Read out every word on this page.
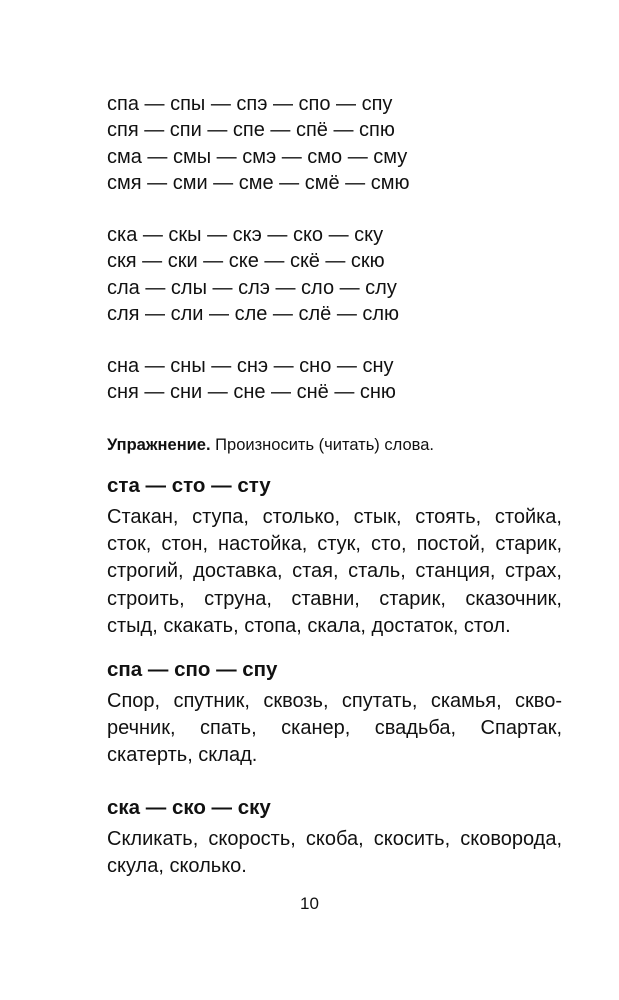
спа — спы — спэ — спо — спу
спя — спи — спе — спё — спю
сма — смы — смэ — смо — сму
смя — сми — сме — смё — смю
ска — скы — скэ — ско — ску
скя — ски — ске — скё — скю
сла — слы — слэ — сло — слу
сля — сли — сле — слё — слю
сна — сны — снэ — сно — сну
сня — сни — сне — снё — сню
Упражнение. Произносить (читать) слова.
ста — сто — сту

Стакан, ступа, столько, стык, стоять, стойка, сток, стон, настойка, стук, сто, постой, старик, строгий, доставка, стая, сталь, станция, страх, строить, струна, ставни, старик, сказочник, стыд, скакать, стопа, скала, достаток, стол.

спа — спо — спу

Спор, спутник, сквозь, спутать, скамья, скворечник, спать, сканер, свадьба, Спартак, скатерть, склад.

ска — ско — ску

Скликать, скорость, скоба, скосить, сковорода, скула, сколько.

10
